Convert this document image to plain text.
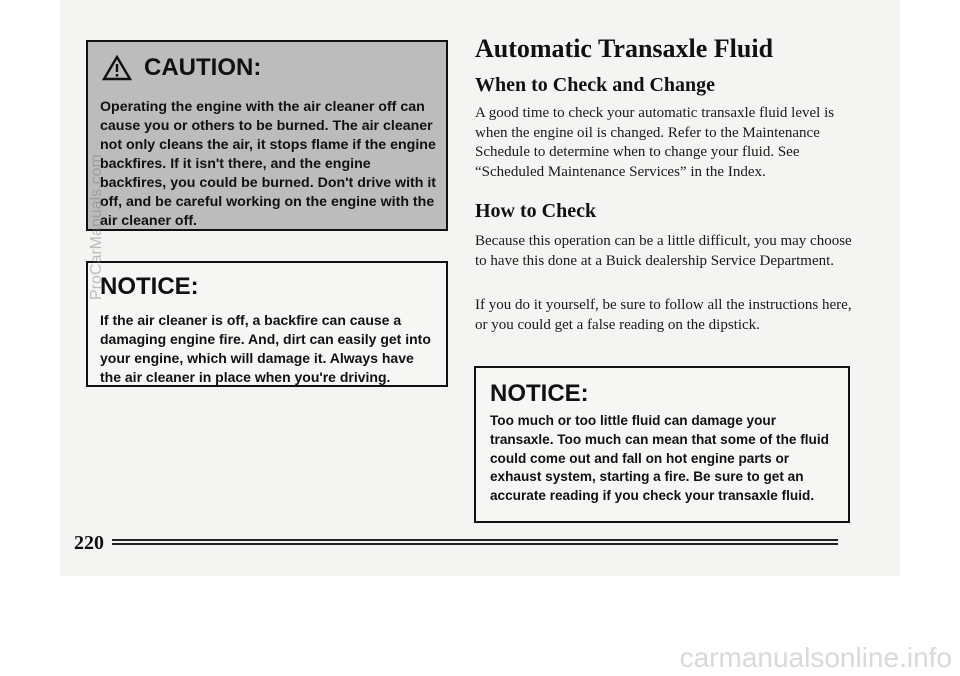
CAUTION:
Operating the engine with the air cleaner off can cause you or others to be burned. The air cleaner not only cleans the air, it stops flame if the engine backfires. If it isn't there, and the engine backfires, you could be burned. Don't drive with it off, and be careful working on the engine with the air cleaner off.
NOTICE:
If the air cleaner is off, a backfire can cause a damaging engine fire. And, dirt can easily get into your engine, which will damage it. Always have the air cleaner in place when you're driving.
Automatic Transaxle Fluid
When to Check and Change
A good time to check your automatic transaxle fluid level is when the engine oil is changed. Refer to the Maintenance Schedule to determine when to change your fluid. See “Scheduled Maintenance Services” in the Index.
How to Check
Because this operation can be a little difficult, you may choose to have this done at a Buick dealership Service Department.
If you do it yourself, be sure to follow all the instructions here, or you could get a false reading on the dipstick.
NOTICE:
Too much or too little fluid can damage your transaxle. Too much can mean that some of the fluid could come out and fall on hot engine parts or exhaust system, starting a fire. Be sure to get an accurate reading if you check your transaxle fluid.
220
ProCarManuals.com
carmanualsonline.info
